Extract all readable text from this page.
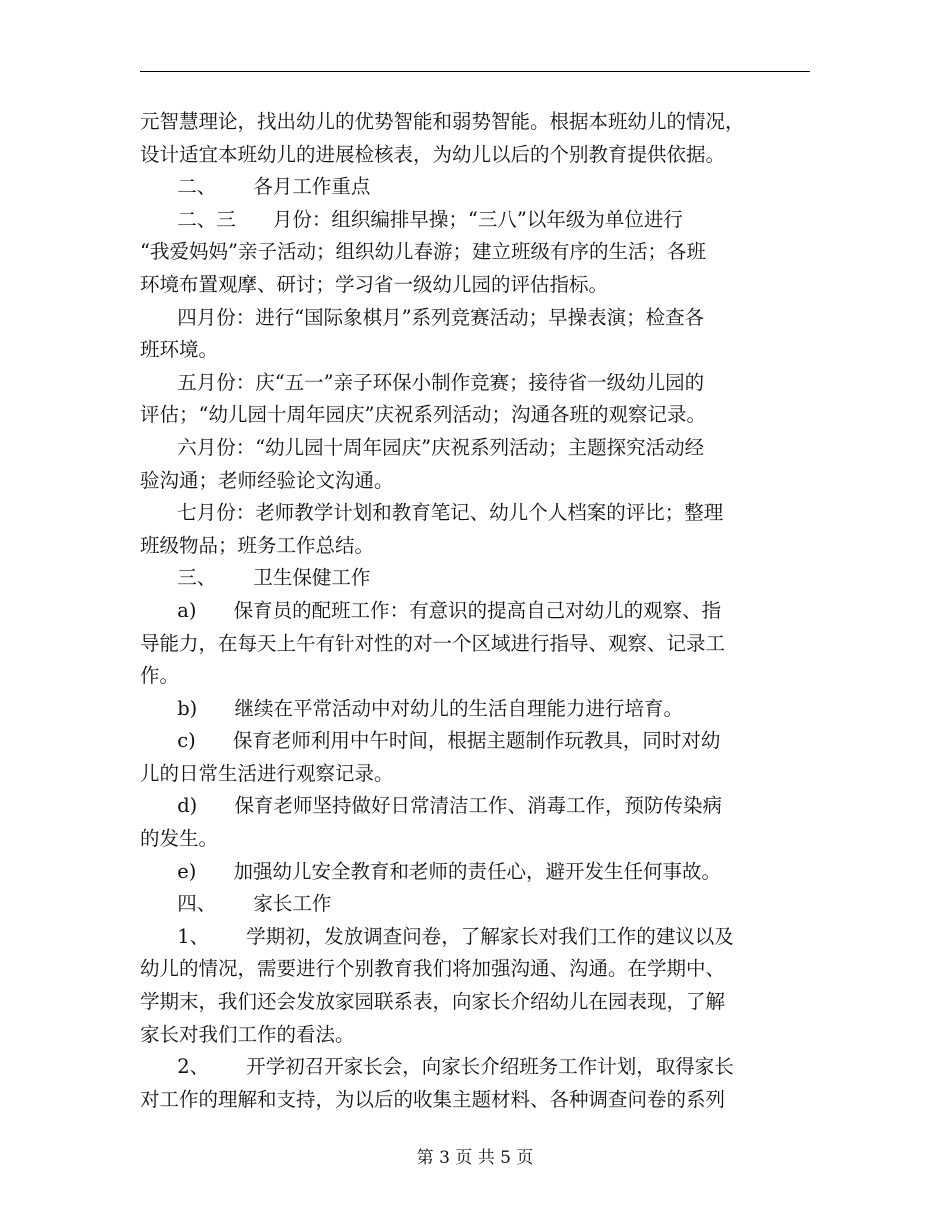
元智慧理论，找出幼儿的优势智能和弱势智能。根据本班幼儿的情况，

设计适宜本班幼儿的进展检核表，为幼儿以后的个别教育提供依据。

二、      各月工作重点

二、三      月份：组织编排早操；“三八”以年级为单位进行

“我爱妈妈”亲子活动；组织幼儿春游；建立班级有序的生活；各班

环境布置观摩、研讨；学习省一级幼儿园的评估指标。

四月份：进行“国际象棋月”系列竞赛活动；早操表演；检查各

班环境。

五月份：庆“五一”亲子环保小制作竞赛；接待省一级幼儿园的

评估；“幼儿园十周年园庆”庆祝系列活动；沟通各班的观察记录。

六月份：“幼儿园十周年园庆”庆祝系列活动；主题探究活动经

验沟通；老师经验论文沟通。

七月份：老师教学计划和教育笔记、幼儿个人档案的评比；整理

班级物品；班务工作总结。

三、      卫生保健工作

a)      保育员的配班工作：有意识的提高自己对幼儿的观察、指

导能力，在每天上午有针对性的对一个区域进行指导、观察、记录工

作。

b)      继续在平常活动中对幼儿的生活自理能力进行培育。

c)      保育老师利用中午时间，根据主题制作玩教具，同时对幼

儿的日常生活进行观察记录。

d)      保育老师坚持做好日常清洁工作、消毒工作，预防传染病

的发生。

e)      加强幼儿安全教育和老师的责任心，避开发生任何事故。

四、      家长工作

1、      学期初，发放调查问卷，了解家长对我们工作的建议以及

幼儿的情况，需要进行个别教育我们将加强沟通、沟通。在学期中、

学期末，我们还会发放家园联系表，向家长介绍幼儿在园表现，了解

家长对我们工作的看法。

2、      开学初召开家长会，向家长介绍班务工作计划，取得家长

对工作的理解和支持，为以后的收集主题材料、各种调查问卷的系列

第 3 页 共 5 页
